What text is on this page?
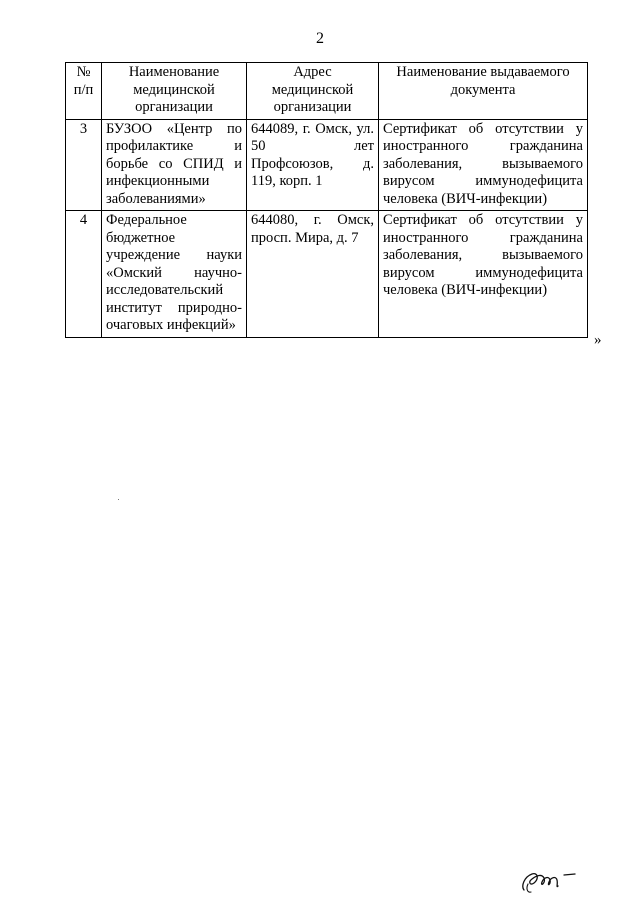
2
№ п/п	Наименование медицинской организации	Адрес медицинской организации	Наименование выдаваемого документа
3	БУЗОО «Центр по профилактике и борьбе со СПИД и инфекционными заболеваниями»	644089, г. Омск, ул. 50 лет Профсоюзов, д. 119, корп. 1	Сертификат об отсутствии у иностранного гражданина заболевания, вызываемого вирусом иммунодефицита человека (ВИЧ-инфекции)
4	Федеральное бюджетное учреждение науки «Омский научно-исследовательский институт природно-очаговых инфекций»	644080, г. Омск, просп. Мира, д. 7	Сертификат об отсутствии у иностранного гражданина заболевания, вызываемого вирусом иммунодефицита человека (ВИЧ-инфекции)
»
